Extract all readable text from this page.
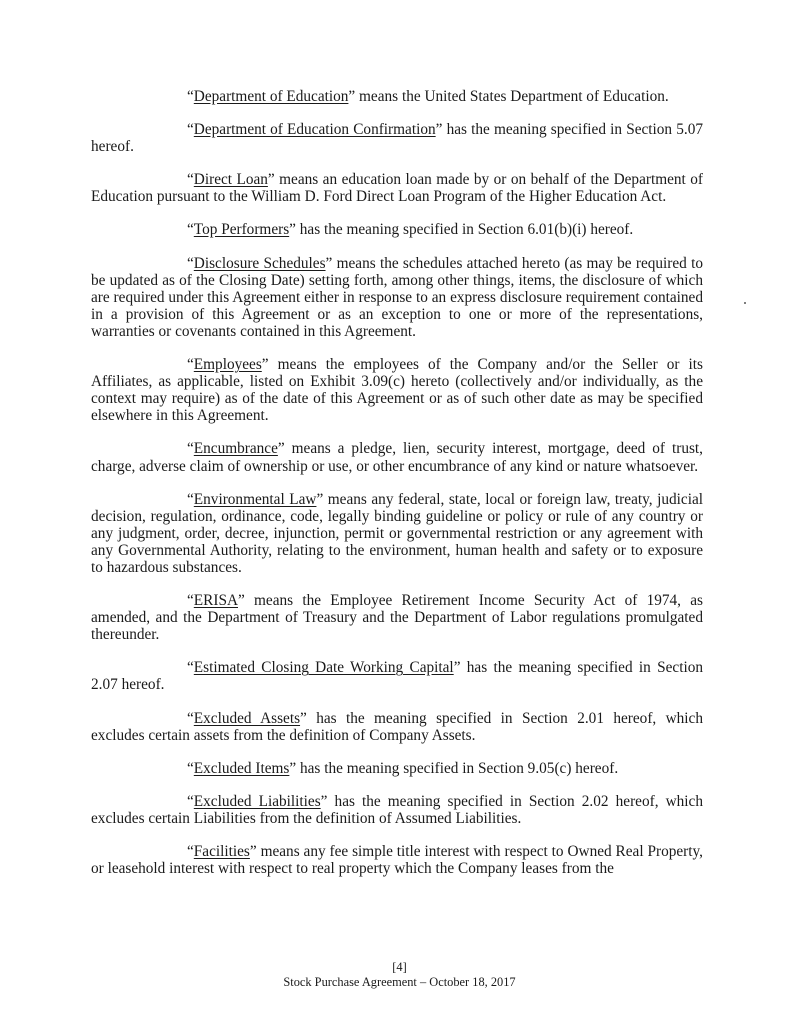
“Department of Education” means the United States Department of Education.

“Department of Education Confirmation” has the meaning specified in Section 5.07 hereof.

“Direct Loan” means an education loan made by or on behalf of the Department of Education pursuant to the William D. Ford Direct Loan Program of the Higher Education Act.

“Top Performers” has the meaning specified in Section 6.01(b)(i) hereof.

“Disclosure Schedules” means the schedules attached hereto (as may be required to be updated as of the Closing Date) setting forth, among other things, items, the disclosure of which are required under this Agreement either in response to an express disclosure requirement contained in a provision of this Agreement or as an exception to one or more of the representations, warranties or covenants contained in this Agreement.

“Employees” means the employees of the Company and/or the Seller or its Affiliates, as applicable, listed on Exhibit 3.09(c) hereto (collectively and/or individually, as the context may require) as of the date of this Agreement or as of such other date as may be specified elsewhere in this Agreement.

“Encumbrance” means a pledge, lien, security interest, mortgage, deed of trust, charge, adverse claim of ownership or use, or other encumbrance of any kind or nature whatsoever.

“Environmental Law” means any federal, state, local or foreign law, treaty, judicial decision, regulation, ordinance, code, legally binding guideline or policy or rule of any country or any judgment, order, decree, injunction, permit or governmental restriction or any agreement with any Governmental Authority, relating to the environment, human health and safety or to exposure to hazardous substances.

“ERISA” means the Employee Retirement Income Security Act of 1974, as amended, and the Department of Treasury and the Department of Labor regulations promulgated thereunder.

“Estimated Closing Date Working Capital” has the meaning specified in Section 2.07 hereof.

“Excluded Assets” has the meaning specified in Section 2.01 hereof, which excludes certain assets from the definition of Company Assets.

“Excluded Items” has the meaning specified in Section 9.05(c) hereof.

“Excluded Liabilities” has the meaning specified in Section 2.02 hereof, which excludes certain Liabilities from the definition of Assumed Liabilities.

“Facilities” means any fee simple title interest with respect to Owned Real Property, or leasehold interest with respect to real property which the Company leases from the

[4]
Stock Purchase Agreement – October 18, 2017
